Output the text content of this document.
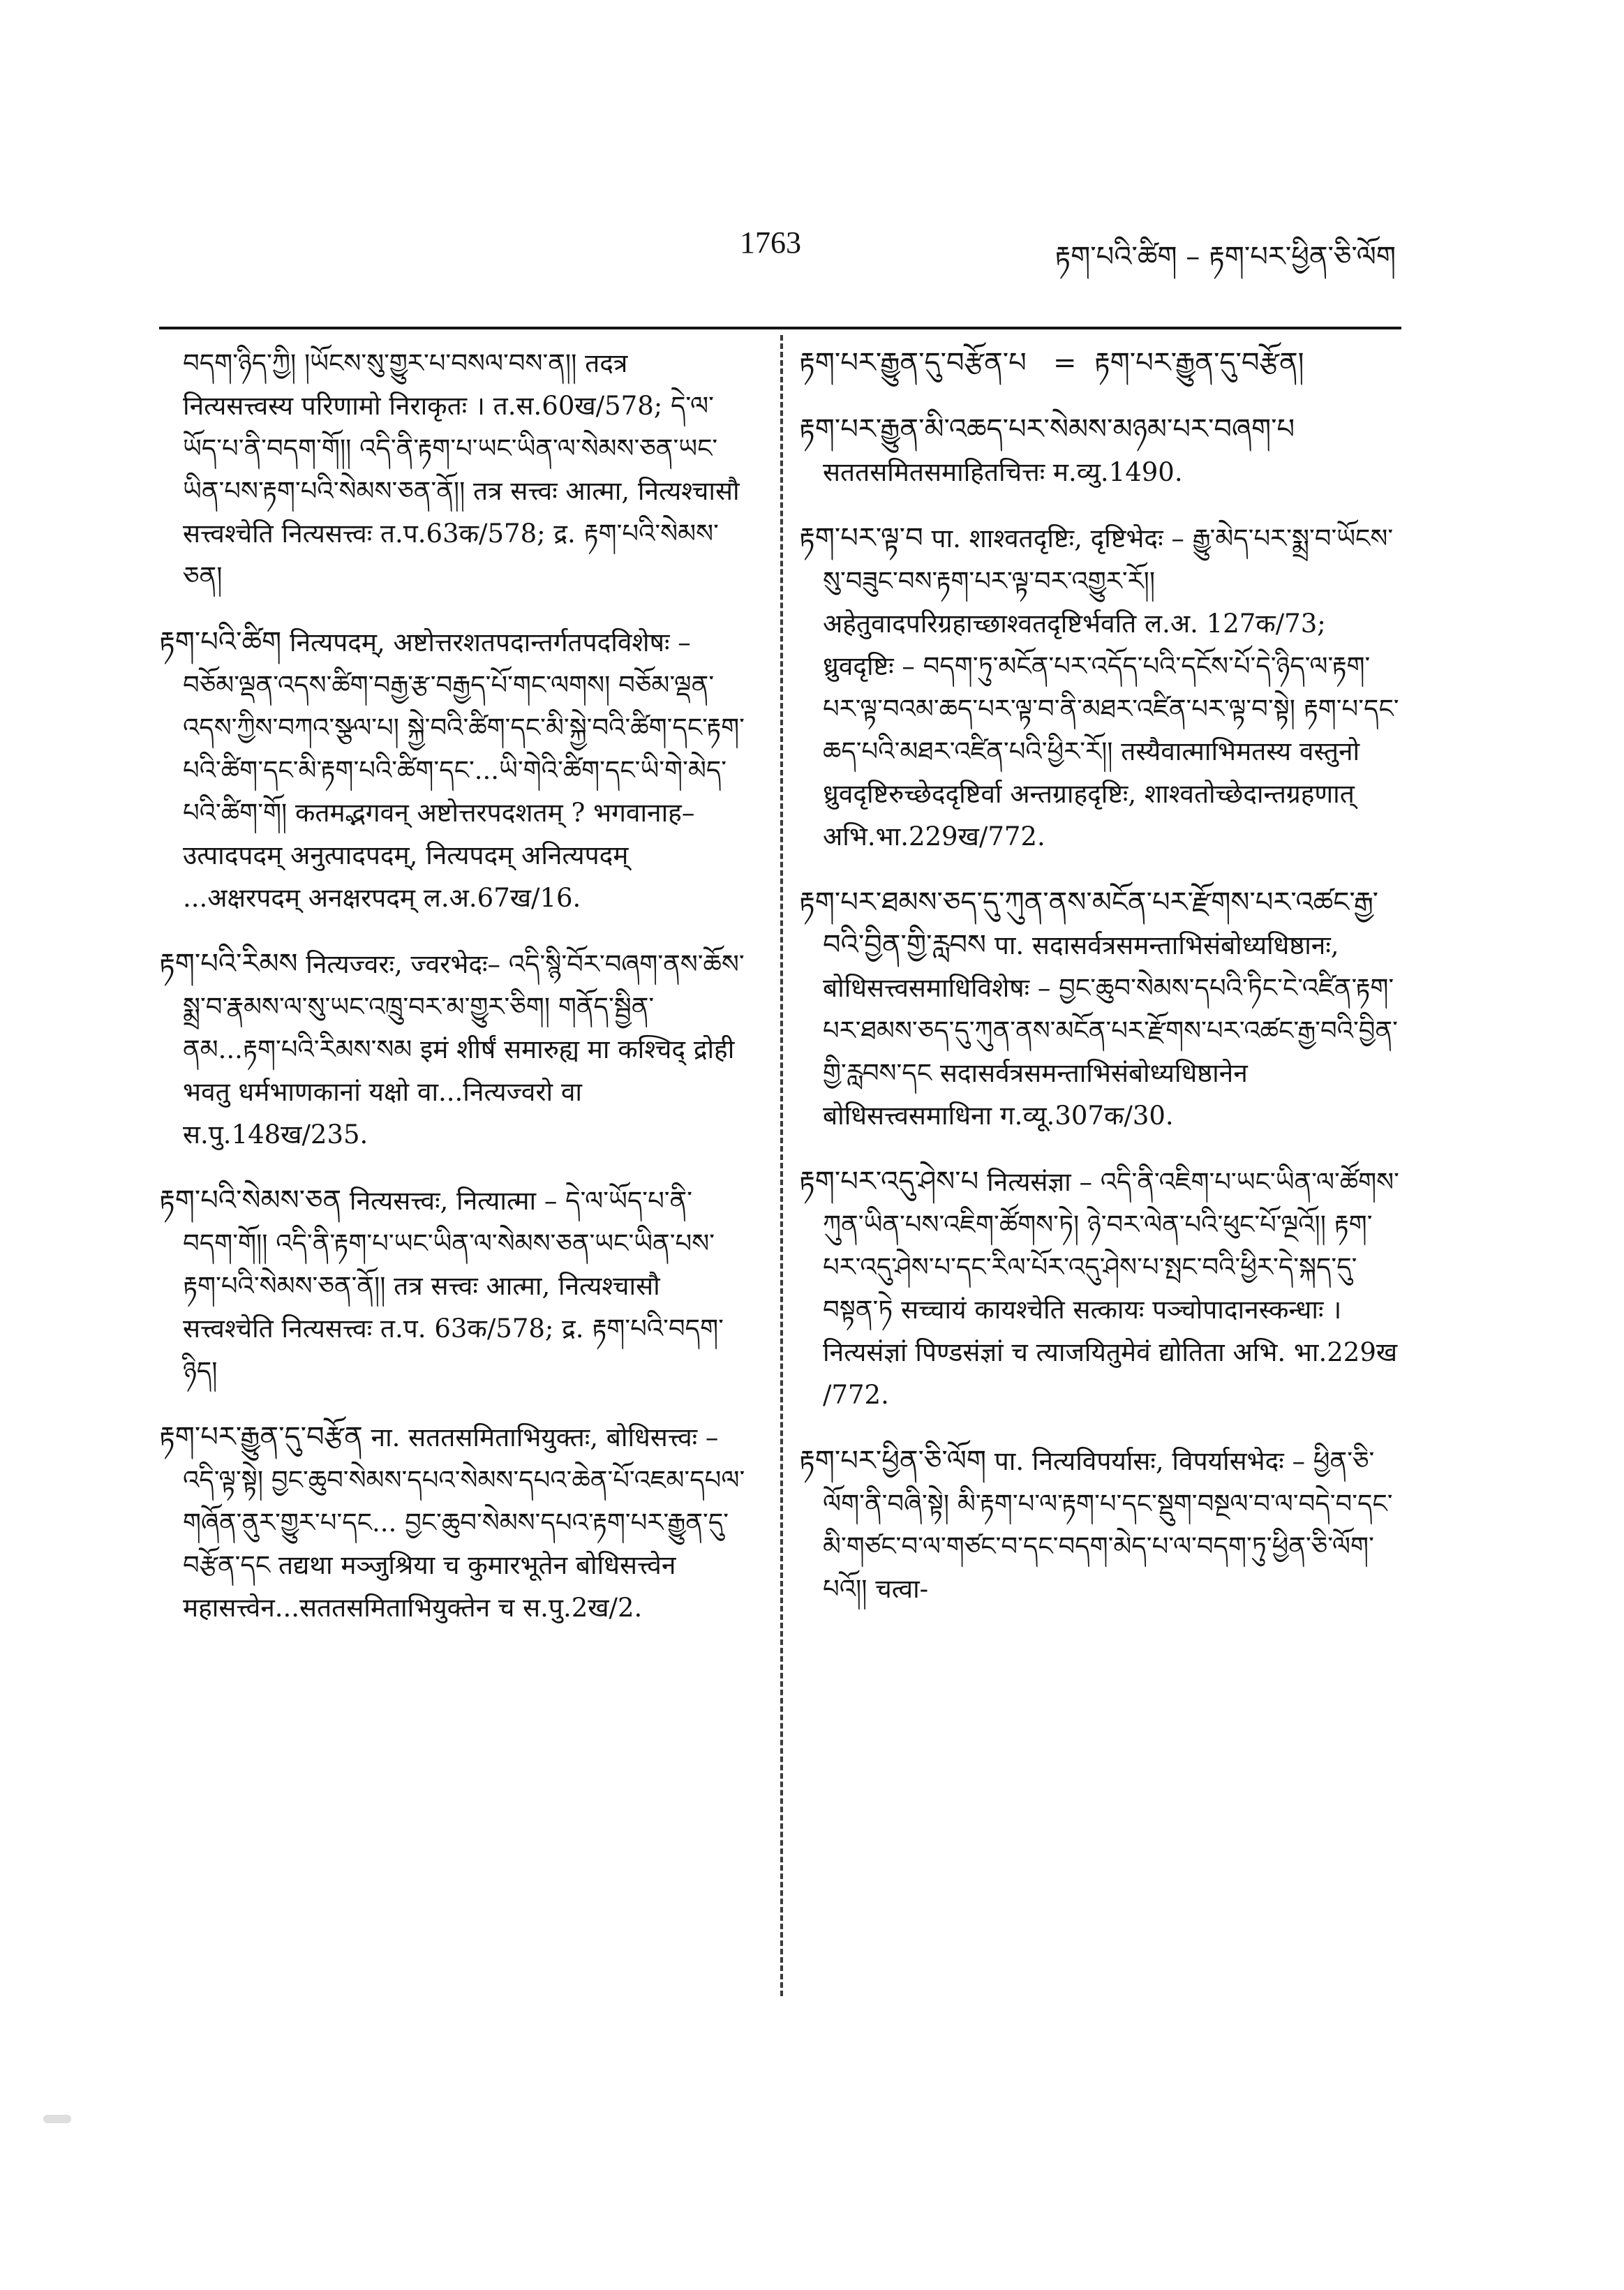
1763	རྟག་པའི་ཚིག – རྟག་པར་ཕྱིན་ཅི་ལོག

བདག་ཉིད་ཀྱི། །ཡོངས་སུ་གྱུར་པ་བསལ་བས་ན།། तदत्र नित्यसत्त्वस्य परिणामो निराकृतः । त.स.60ख/578; དེ་ལ་ཡོད་པ་ནི་བདག་གོ།། འདི་ནི་རྟག་པ་ཡང་ཡིན་ལ་སེམས་ཅན་ཡང་ཡིན་པས་རྟག་པའི་སེམས་ཅན་ནོ།། तत्र सत्त्वः आत्मा, नित्यश्चासौ सत्त्वश्चेति नित्यसत्त्वः त.प.63क/578; द्र. རྟག་པའི་སེམས་ཅན།

རྟག་པའི་ཚིག नित्यपदम्, अष्टोत्तरशतपदान्तर्गतपदविशेषः – བཅོམ་ལྡན་འདས་ཚིག་བརྒྱ་རྩ་བརྒྱད་པོ་གང་ལགས། བཅོམ་ལྡན་འདས་ཀྱིས་བཀའ་སྩལ་པ། སྐྱེ་བའི་ཚིག་དང་མི་སྐྱེ་བའི་ཚིག་དང་རྟག་པའི་ཚིག་དང་མི་རྟག་པའི་ཚིག་དང་...ཡི་གེའི་ཚིག་དང་ཡི་གེ་མེད་པའི་ཚིག་གོ། कतमद्भगवन् अष्टोत्तरपदशतम् ? भगवानाह– उत्पादपदम् अनुत्पादपदम्, नित्यपदम् अनित्यपदम् ...अक्षरपदम् अनक्षरपदम् ल.अ.67ख/16.

རྟག་པའི་རིམས नित्यज्वरः, ज्वरभेदः– འདི་སྙི་བོར་བཞག་ནས་ཆོས་སྨྲ་བ་རྣམས་ལ་སུ་ཡང་འཁྲུ་བར་མ་གྱུར་ཅིག། གནོད་སྦྱིན་ནམ...རྟག་པའི་རིམས་སམ इमं शीर्षं समारुह्य मा कश्चिद् द्रोही भवतु धर्मभाणकानां यक्षो वा...नित्यज्वरो वा स.पु.148ख/235.

རྟག་པའི་སེམས་ཅན नित्यसत्त्वः, नित्यात्मा – དེ་ལ་ཡོད་པ་ནི་བདག་གོ།། འདི་ནི་རྟག་པ་ཡང་ཡིན་ལ་སེམས་ཅན་ཡང་ཡིན་པས་རྟག་པའི་སེམས་ཅན་ནོ།། तत्र सत्त्वः आत्मा, नित्यश्चासौ सत्त्वश्चेति नित्यसत्त्वः त.प. 63क/578; द्र. རྟག་པའི་བདག་ཉིད།

རྟག་པར་རྒྱུན་དུ་བརྩོན ना. सततसमिताभियुक्तः, बोधिसत्त्वः – འདི་ལྟ་སྟེ། བྱང་ཆུབ་སེམས་དཔའ་སེམས་དཔའ་ཆེན་པོ་འཇམ་དཔལ་གཞོན་ནུར་གྱུར་པ་དང... བྱང་ཆུབ་སེམས་དཔའ་རྟག་པར་རྒྱུན་དུ་བརྩོན་དང तद्यथा मञ्जुश्रिया च कुमारभूतेन बोधिसत्त्वेन महासत्त्वेन...सततसमिताभियुक्तेन च स.पु.2ख/2.

རྟག་པར་རྒྱུན་དུ་བརྩོན་པ   =  རྟག་པར་རྒྱུན་དུ་བརྩོན།

རྟག་པར་རྒྱུན་མི་འཆད་པར་སེམས་མཉམ་པར་བཞག་པ सततसमितसमाहितचित्तः म.व्यु.1490.

རྟག་པར་ལྟ་བ पा. शाश्वतदृष्टिः, दृष्टिभेदः – རྒྱུ་མེད་པར་སྨྲ་བ་ཡོངས་སུ་བཟུང་བས་རྟག་པར་ལྟ་བར་འགྱུར་རོ།། अहेतुवादपरिग्रहाच्छाश्वतदृष्टिर्भवति ल.अ. 127क/73; ध्रुवदृष्टिः – བདག་ཏུ་མངོན་པར་འདོད་པའི་དངོས་པོ་དེ་ཉིད་ལ་རྟག་པར་ལྟ་བའམ་ཆད་པར་ལྟ་བ་ནི་མཐར་འཛིན་པར་ལྟ་བ་སྟེ། རྟག་པ་དང་ཆད་པའི་མཐར་འཛིན་པའི་ཕྱིར་རོ།། तस्यैवात्माभिमतस्य वस्तुनो ध्रुवदृष्टिरुच्छेददृष्टिर्वा अन्तग्राहदृष्टिः, शाश्वतोच्छेदान्तग्रहणात् अभि.भा.229ख/772.

རྟག་པར་ཐམས་ཅད་དུ་ཀུན་ནས་མངོན་པར་རྫོགས་པར་འཚང་རྒྱ་བའི་བྱིན་གྱི་རླབས पा. सदासर्वत्रसमन्ताभिसंबोध्यधिष्ठानः, बोधिसत्त्वसमाधिविशेषः – བྱང་ཆུབ་སེམས་དཔའི་ཏིང་ངེ་འཛིན་རྟག་པར་ཐམས་ཅད་དུ་ཀུན་ནས་མངོན་པར་རྫོགས་པར་འཚང་རྒྱ་བའི་བྱིན་གྱི་རླབས་དང सदासर्वत्रसमन्ताभिसंबोध्यधिष्ठानेन बोधिसत्त्वसमाधिना ग.व्यू.307क/30.

རྟག་པར་འདུ་ཤེས་པ नित्यसंज्ञा – འདི་ནི་འཇིག་པ་ཡང་ཡིན་ལ་ཚོགས་ཀུན་ཡིན་པས་འཇིག་ཚོགས་ཏེ། ཉེ་བར་ལེན་པའི་ཕུང་པོ་ལྔའོ།། རྟག་པར་འདུ་ཤེས་པ་དང་རིལ་པོར་འདུ་ཤེས་པ་སྤང་བའི་ཕྱིར་དེ་སྐད་དུ་བསྟན་ཏེ सच्चायं कायश्चेति सत्कायः पञ्चोपादानस्कन्धाः । नित्यसंज्ञां पिण्डसंज्ञां च त्याजयितुमेवं द्योतिता अभि. भा.229ख /772.

རྟག་པར་ཕྱིན་ཅི་ལོག पा. नित्यविपर्यासः, विपर्यासभेदः – ཕྱིན་ཅི་ལོག་ནི་བཞི་སྟེ། མི་རྟག་པ་ལ་རྟག་པ་དང་སྡུག་བསྔལ་བ་ལ་བདེ་བ་དང་མི་གཙང་བ་ལ་གཙང་བ་དང་བདག་མེད་པ་ལ་བདག་ཏུ་ཕྱིན་ཅི་ལོག་པའོ།། चत्वा-
